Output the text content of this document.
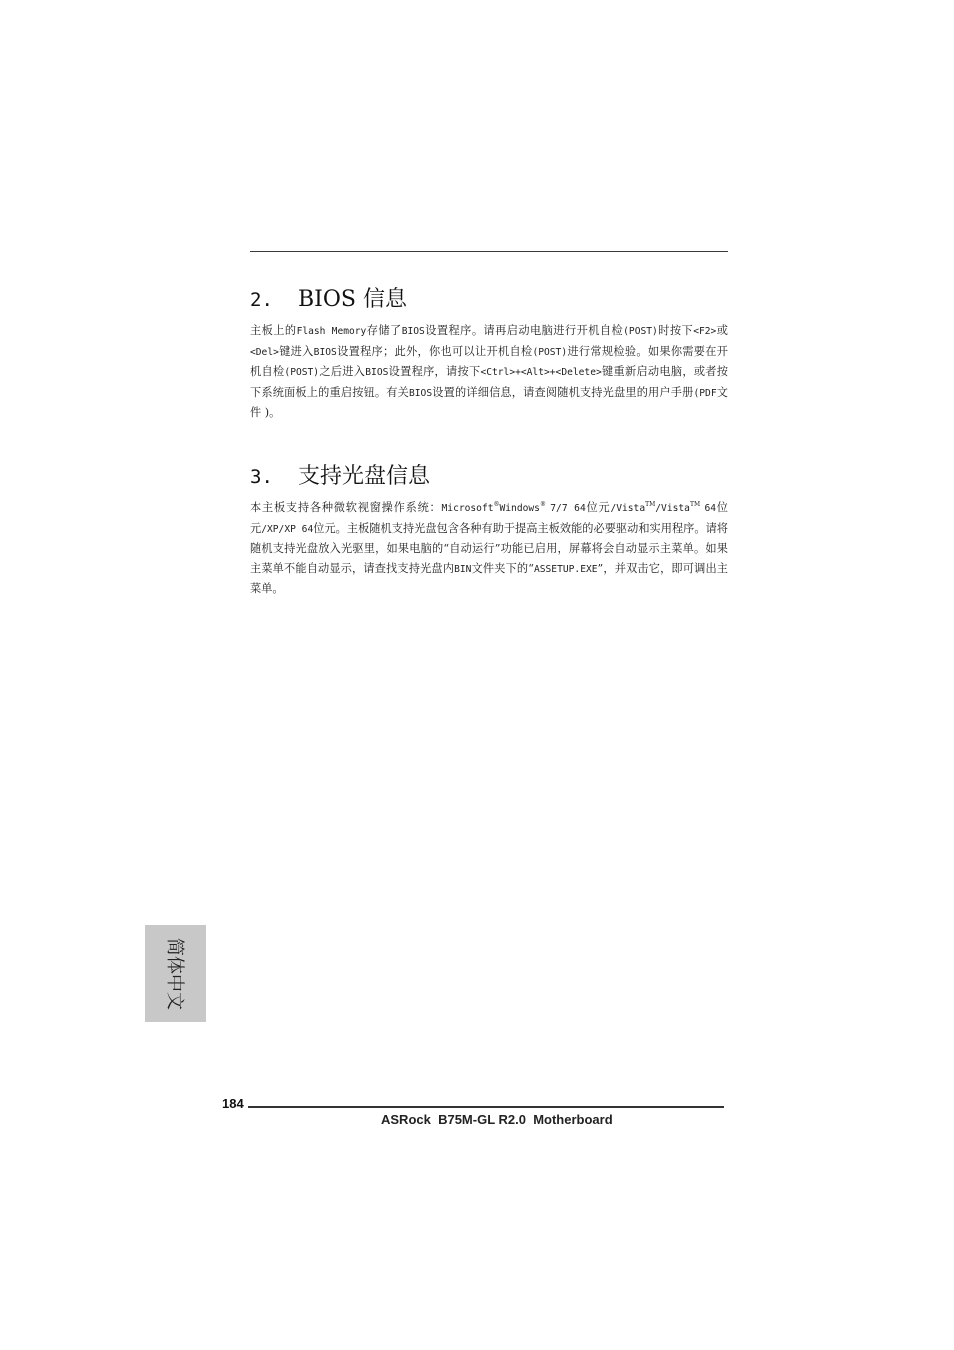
2. BIOS 信息

主板上的Flash Memory存储了BIOS设置程序。请再启动电脑进行开机自检(POST)时按下<F2>或<Del>键进入BIOS设置程序；此外，你也可以让开机自检(POST)进行常规检验。如果你需要在开机自检(POST)之后进入BIOS设置程序，请按下<Ctrl>+<Alt>+<Delete>键重新启动电脑，或者按下系统面板上的重启按钮。有关BIOS设置的详细信息，请查阅随机支持光盘里的用户手册(PDF文件 )。

3. 支持光盘信息

本主板支持各种微软视窗操作系统：Microsoft®Windows® 7/7 64位元/Vista™/Vista™ 64位元/XP/XP 64位元。主板随机支持光盘包含各种有助于提高主板效能的必要驱动和实用程序。请将随机支持光盘放入光驱里，如果电脑的“自动运行”功能已启用，屏幕将会自动显示主菜单。如果主菜单不能自动显示，请查找支持光盘内BIN文件夹下的“ASSETUP.EXE”，并双击它，即可调出主菜单。

简体中文
184
ASRock  B75M-GL R2.0  Motherboard
